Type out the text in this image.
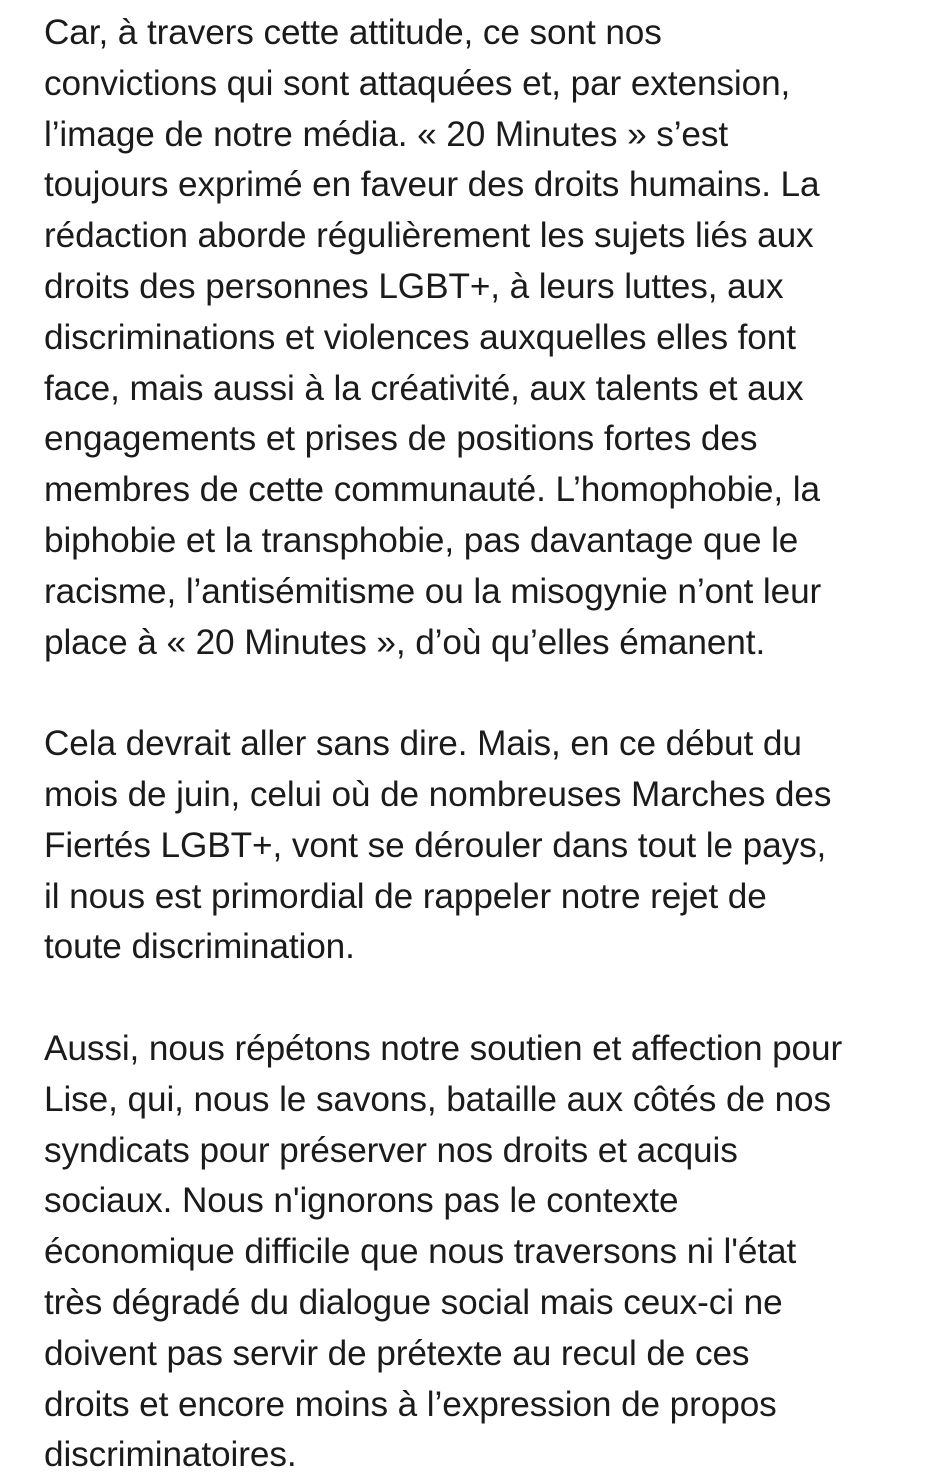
Car, à travers cette attitude, ce sont nos
convictions qui sont attaquées et, par extension,
l’image de notre média. « 20 Minutes » s’est
toujours exprimé en faveur des droits humains. La
rédaction aborde régulièrement les sujets liés aux
droits des personnes LGBT+, à leurs luttes, aux
discriminations et violences auxquelles elles font
face, mais aussi à la créativité, aux talents et aux
engagements et prises de positions fortes des
membres de cette communauté. L’homophobie, la
biphobie et la transphobie, pas davantage que le
racisme, l’antisémitisme ou la misogynie n’ont leur
place à « 20 Minutes », d’où qu’elles émanent.

Cela devrait aller sans dire. Mais, en ce début du
mois de juin, celui où de nombreuses Marches des
Fiertés LGBT+, vont se dérouler dans tout le pays,
il nous est primordial de rappeler notre rejet de
toute discrimination.

Aussi, nous répétons notre soutien et affection pour
Lise, qui, nous le savons, bataille aux côtés de nos
syndicats pour préserver nos droits et acquis
sociaux. Nous n'ignorons pas le contexte
économique difficile que nous traversons ni l'état
très dégradé du dialogue social mais ceux-ci ne
doivent pas servir de prétexte au recul de ces
droits et encore moins à l’expression de propos
discriminatoires.
